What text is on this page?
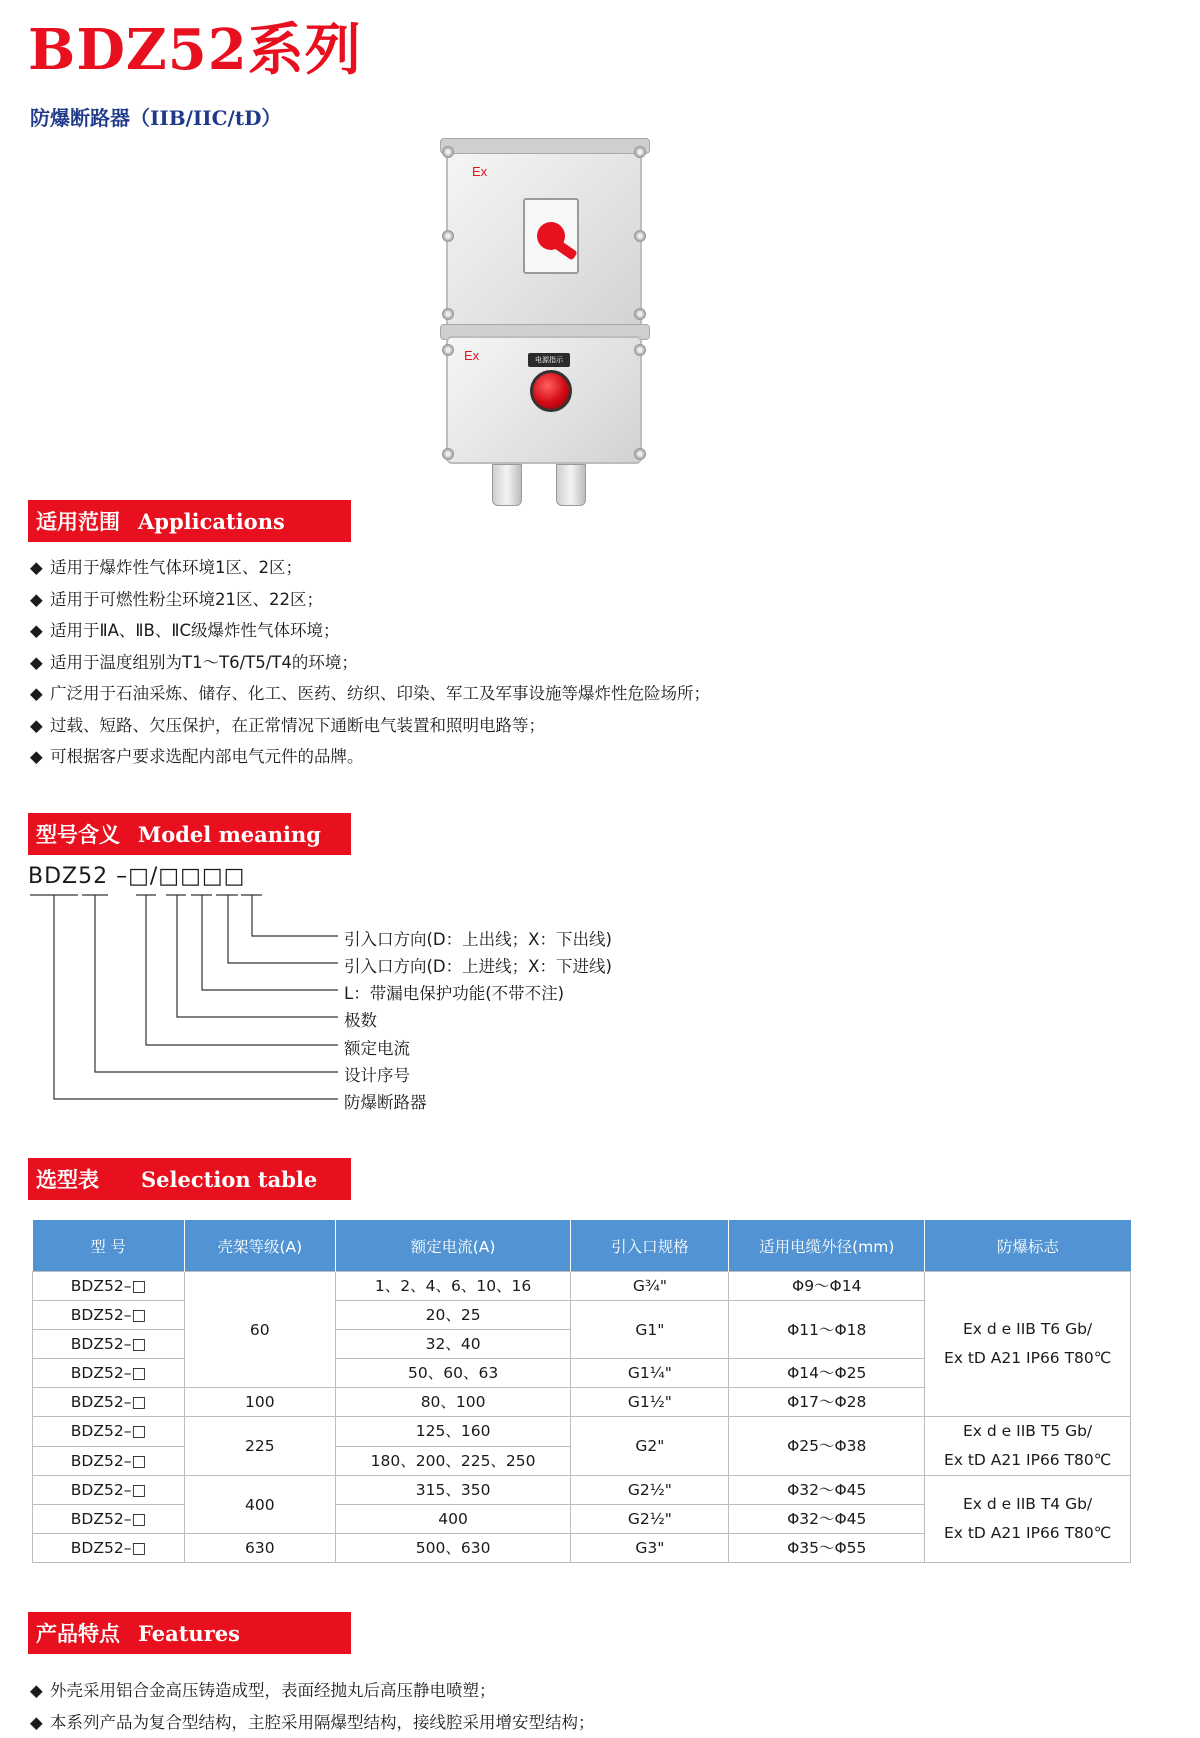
BDZ52系列
防爆断路器（IIB/IIC/tD）
Ex
Ex	电源指示
适用范围 Applications
◆ 适用于爆炸性气体环境1区、2区；
◆ 适用于可燃性粉尘环境21区、22区；
◆ 适用于ⅡA、ⅡB、ⅡC级爆炸性气体环境；
◆ 适用于温度组别为T1～T6/T5/T4的环境；
◆ 广泛用于石油采炼、储存、化工、医药、纺织、印染、军工及军事设施等爆炸性危险场所；
◆ 过载、短路、欠压保护，在正常情况下通断电气装置和照明电路等；
◆ 可根据客户要求选配内部电气元件的品牌。
型号含义 Model meaning
BDZ52 –□/□□□□
引入口方向(D：上出线；X：下出线)
引入口方向(D：上进线；X：下进线)
L：带漏电保护功能(不带不注)
极数
额定电流
设计序号
防爆断路器
选型表 Selection table
型 号	壳架等级(A)	额定电流(A)	引入口规格	适用电缆外径(mm)	防爆标志
BDZ52–□	60	1、2、4、6、10、16	G¾"	Φ9～Φ14	Ex d e IIB T6 Gb/
Ex tD A21 IP66 T80℃
BDZ52–□		20、25	G1"	Φ11～Φ18	
BDZ52–□		32、40			
BDZ52–□		50、60、63	G1¼"	Φ14～Φ25	
BDZ52–□	100	80、100	G1½"	Φ17～Φ28	
BDZ52–□	225	125、160	G2"	Φ25～Φ38	Ex d e IIB T5 Gb/
Ex tD A21 IP66 T80℃
BDZ52–□		180、200、225、250			
BDZ52–□	400	315、350	G2½"	Φ32～Φ45	Ex d e IIB T4 Gb/
Ex tD A21 IP66 T80℃
BDZ52–□		400	G2½"	Φ32～Φ45	
BDZ52–□	630	500、630	G3"	Φ35～Φ55	
产品特点 Features
◆ 外壳采用铝合金高压铸造成型，表面经抛丸后高压静电喷塑；
◆ 本系列产品为复合型结构，主腔采用隔爆型结构，接线腔采用增安型结构；
